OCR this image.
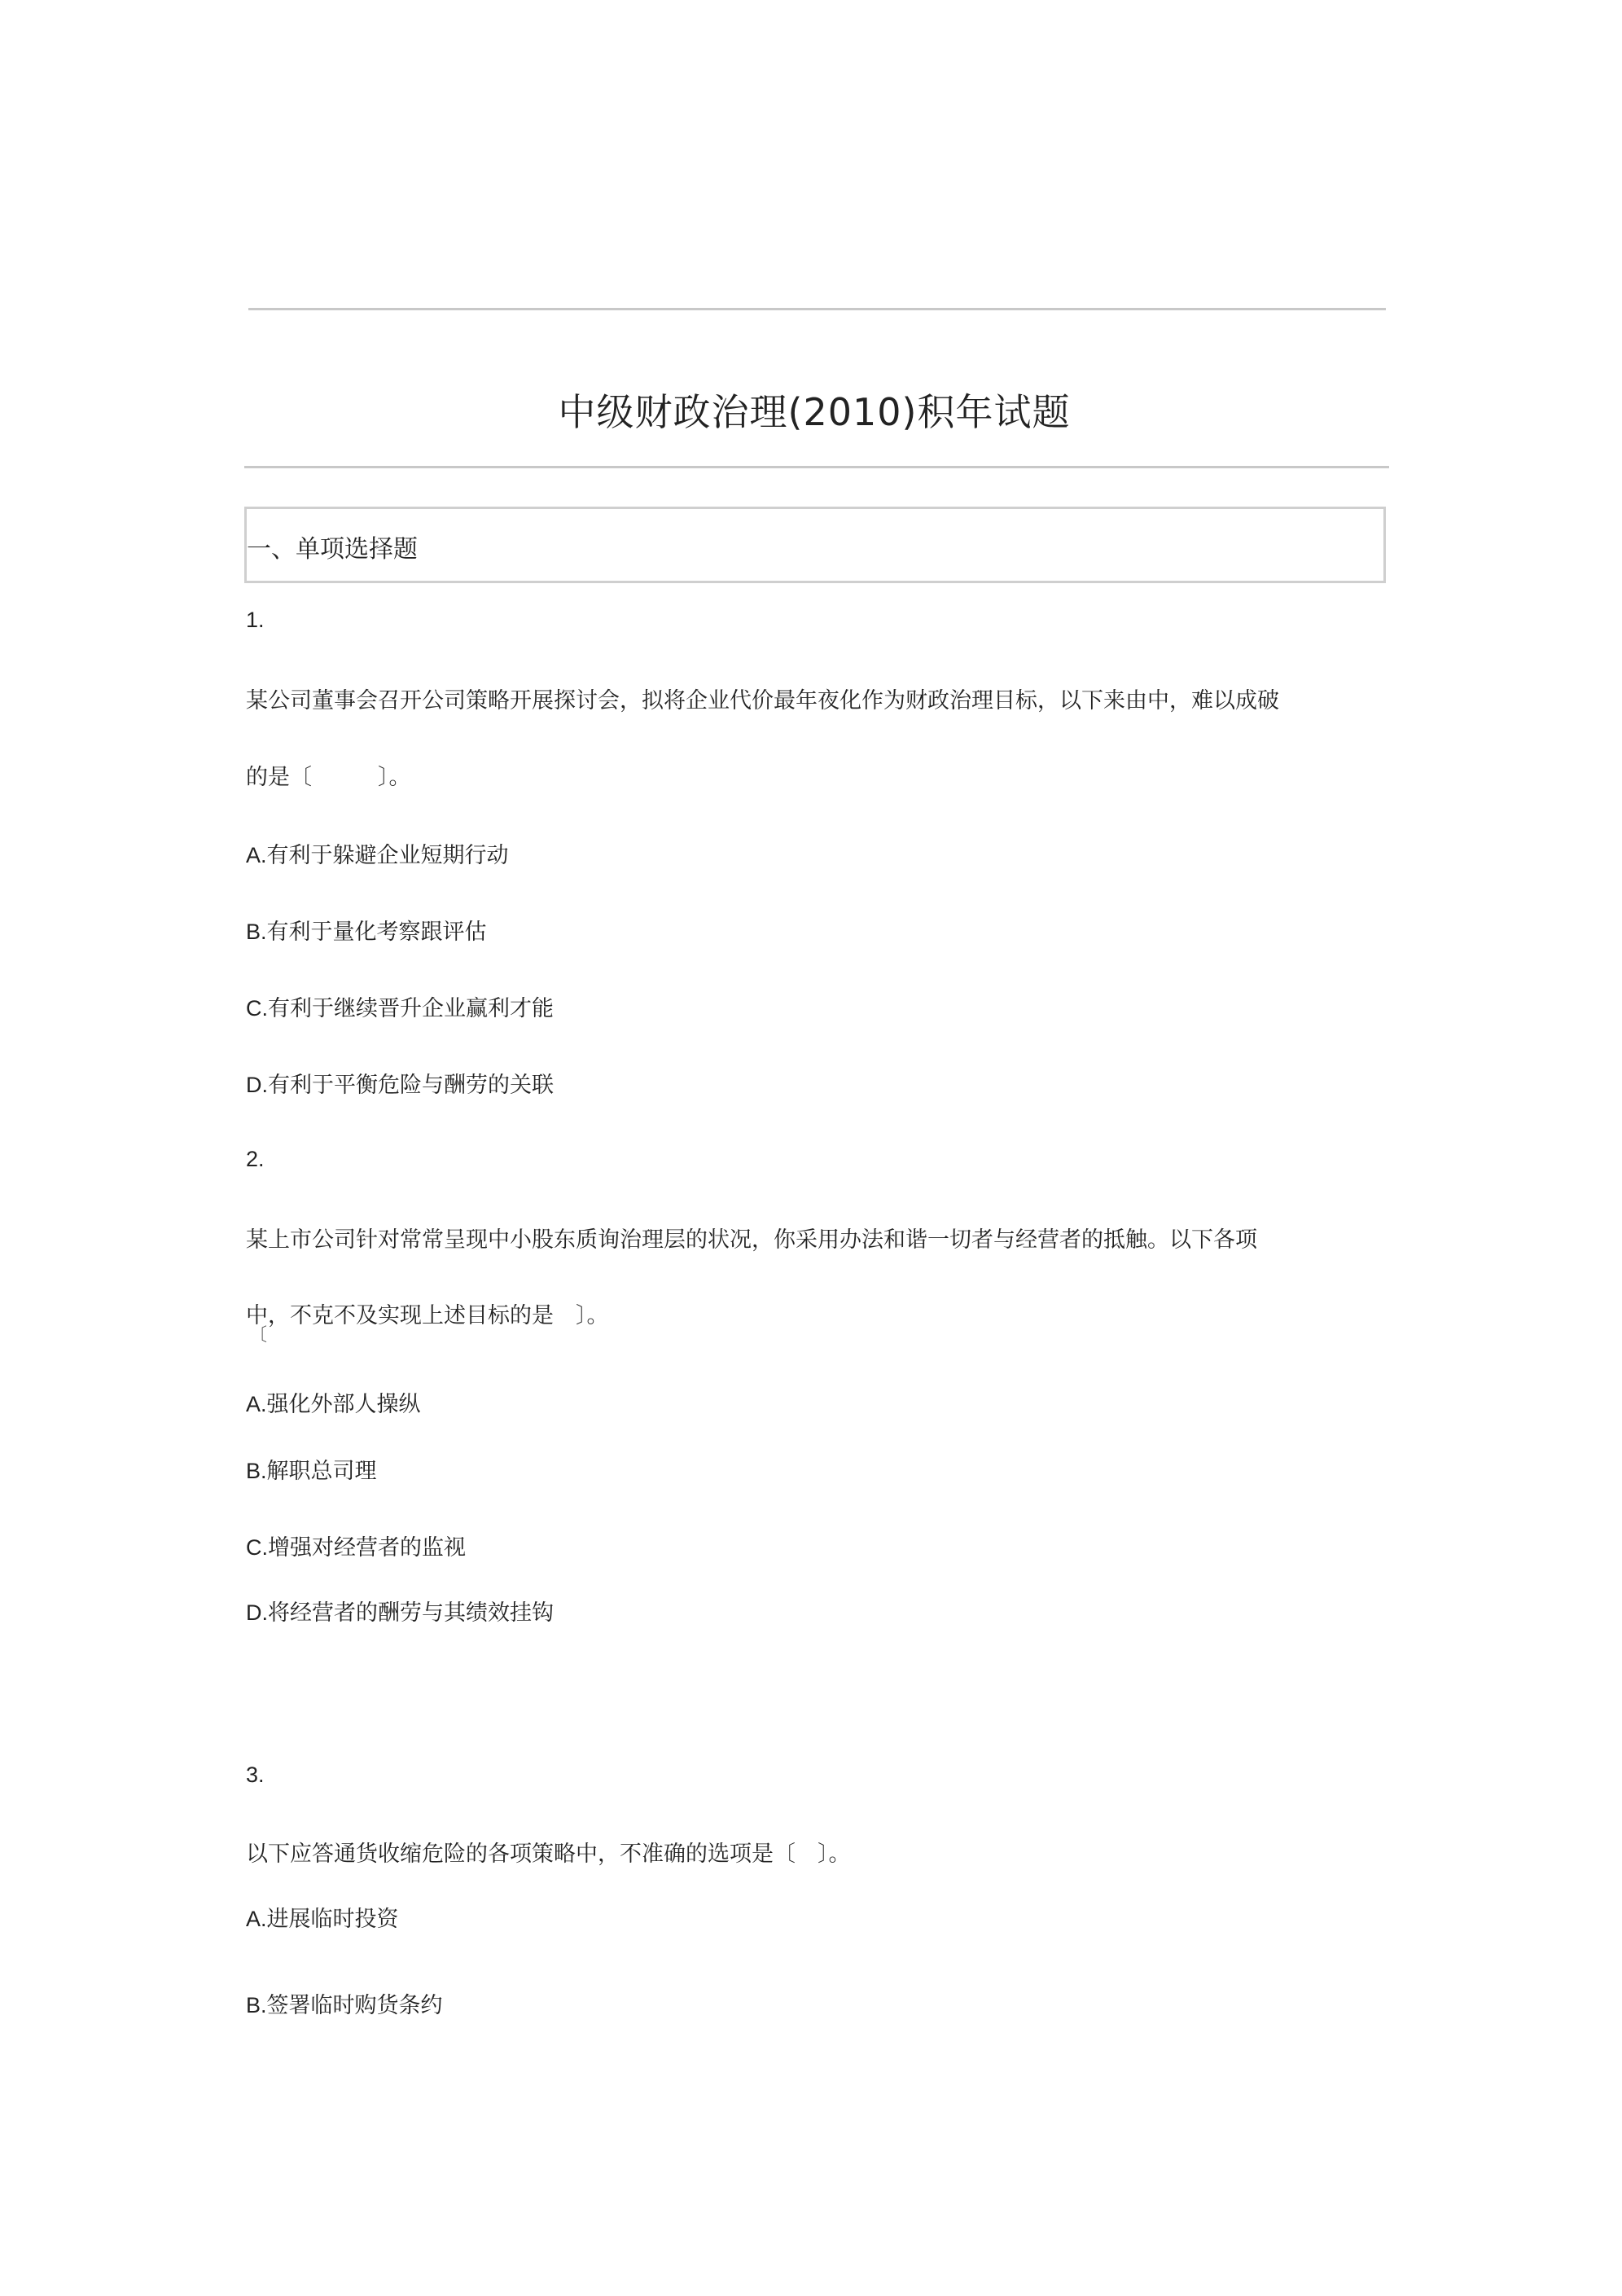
中级财政治理(2010)积年试题
一、单项选择题
1.
某公司董事会召开公司策略开展探讨会，拟将企业代价最年夜化作为财政治理目标，以下来由中，难以成破
的是〔　　　〕。
A.有利于躲避企业短期行动
B.有利于量化考察跟评估
C.有利于继续晋升企业赢利才能
D.有利于平衡危险与酬劳的关联
2.
某上市公司针对常常呈现中小股东质询治理层的状况，你采用办法和谐一切者与经营者的抵触。以下各项
中，不克不及实现上述目标的是　〕。
〔
A.强化外部人操纵
B.解职总司理
C.增强对经营者的监视
D.将经营者的酬劳与其绩效挂钩
3.
以下应答通货收缩危险的各项策略中，不准确的选项是〔　〕。
A.进展临时投资
B.签署临时购货条约
